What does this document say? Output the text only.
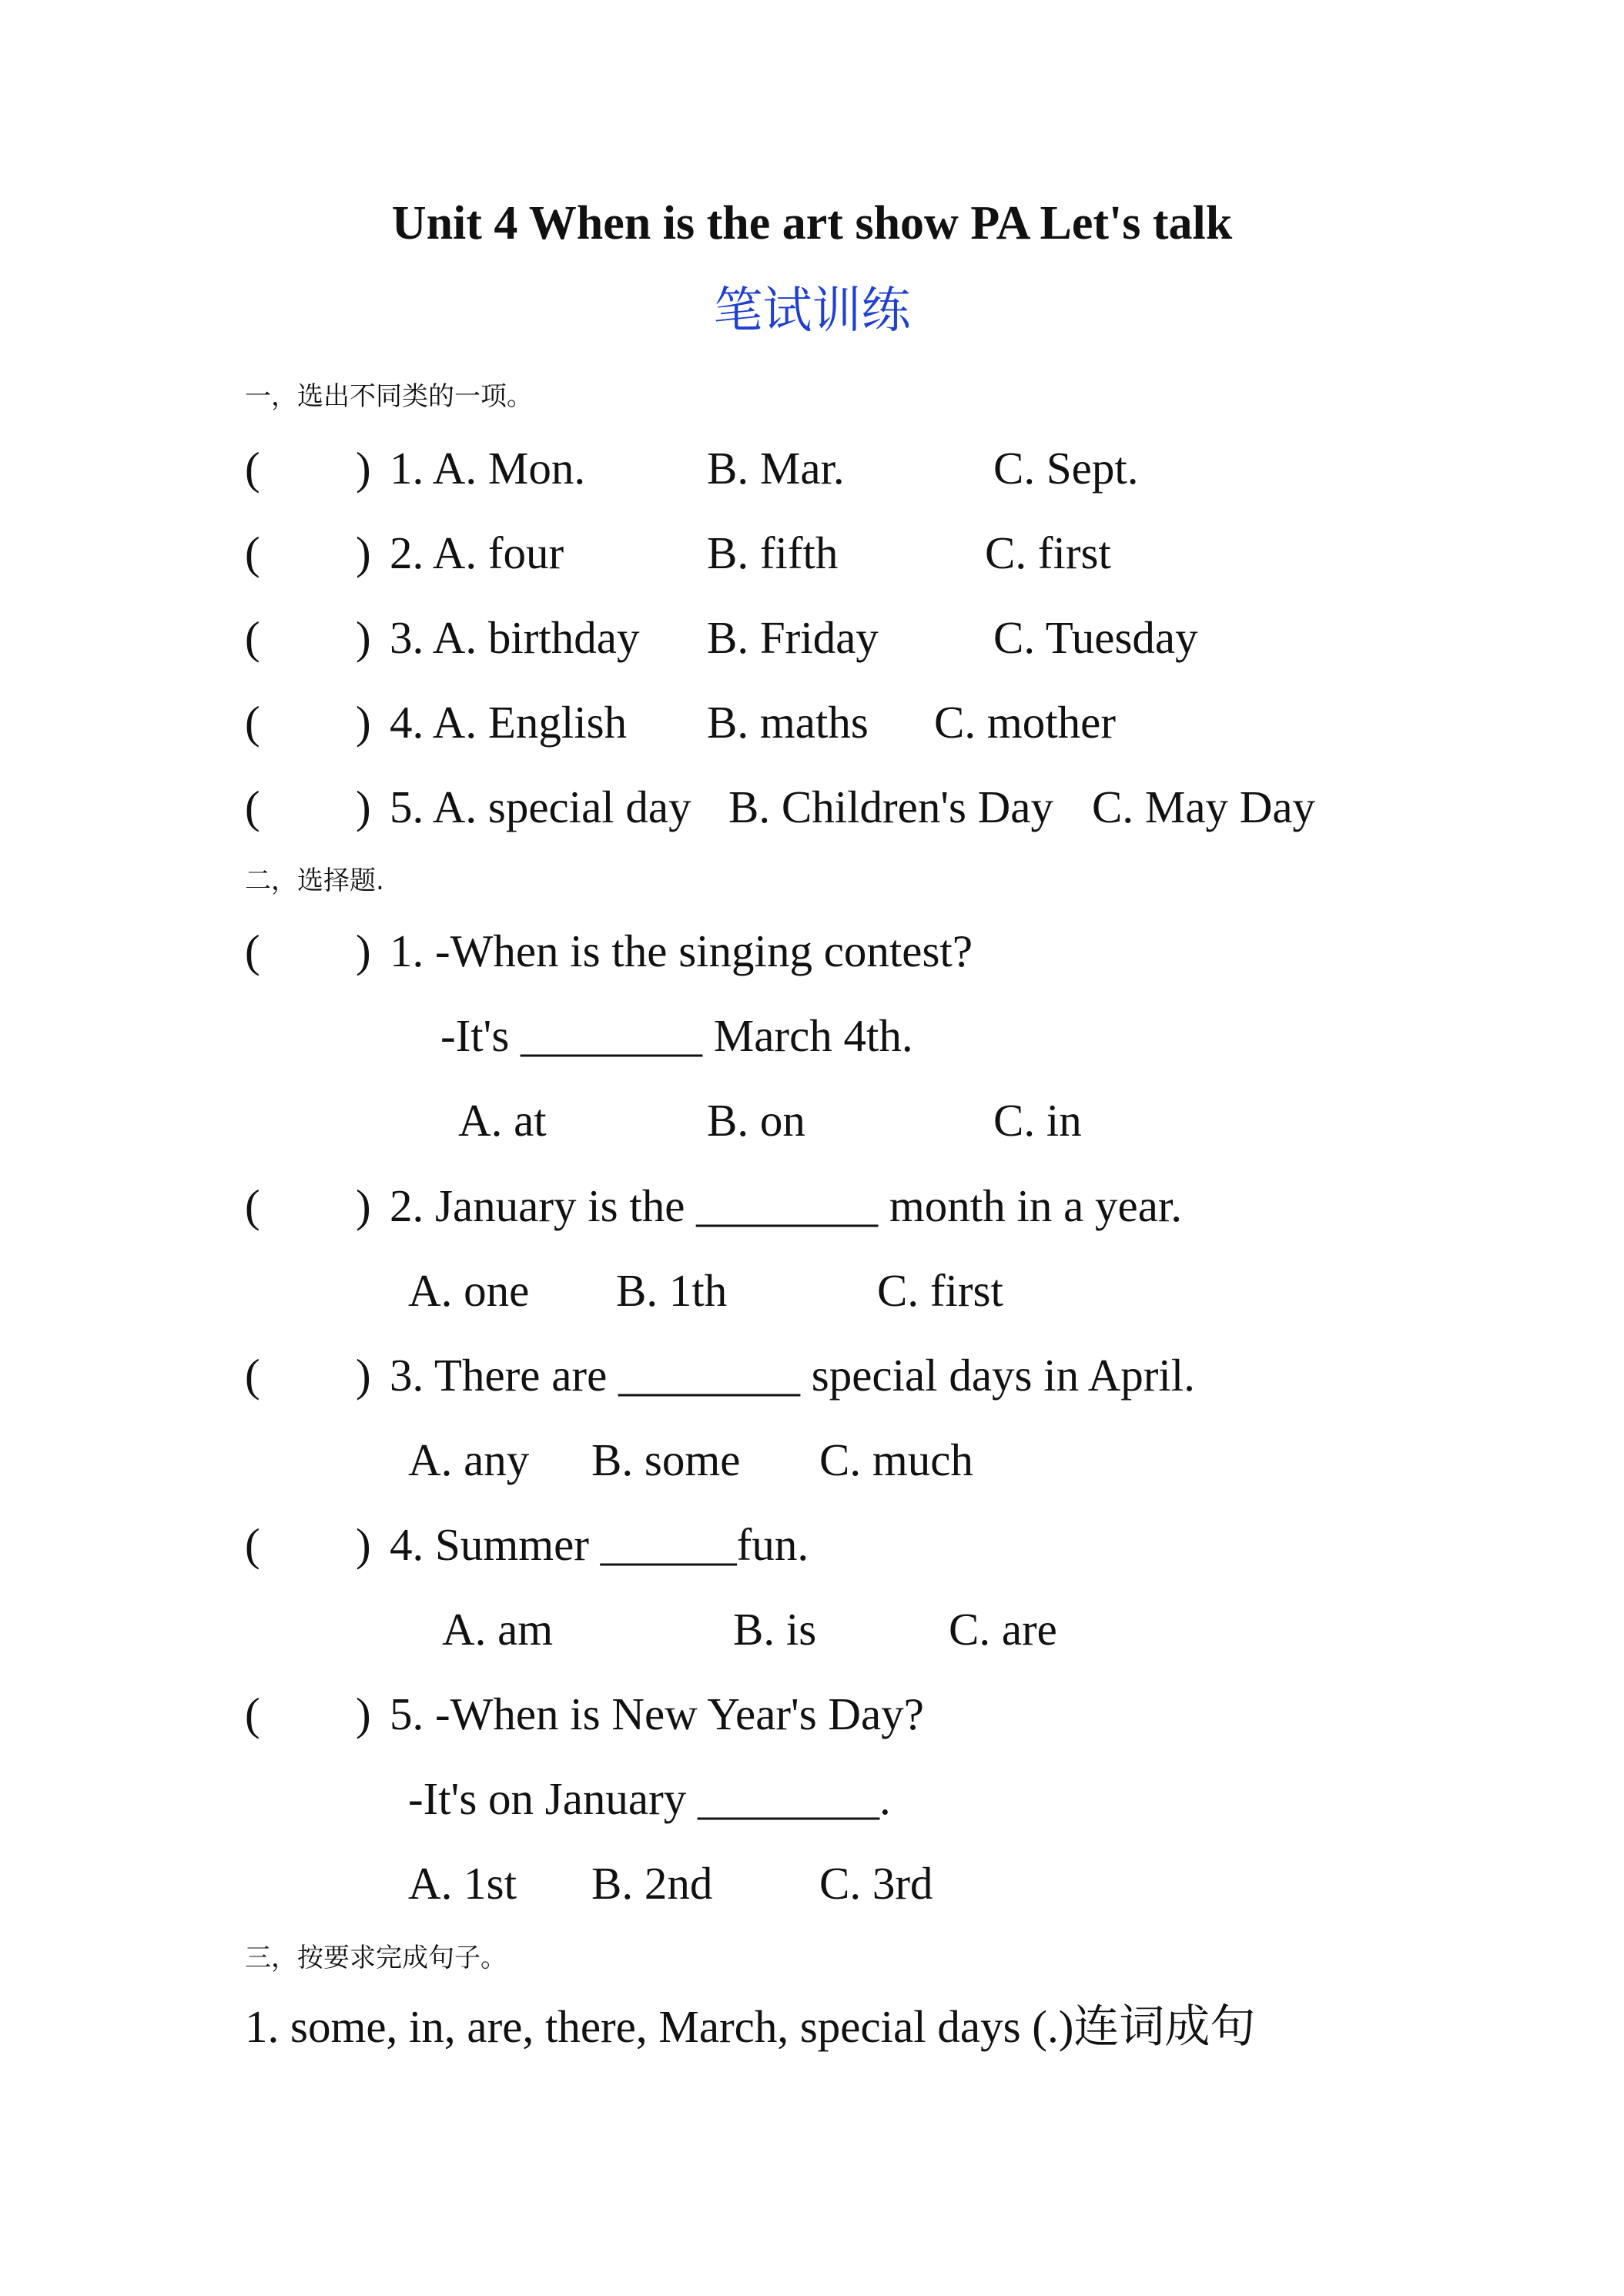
Unit 4 When is the art show PA Let's talk
笔试训练
一，选出不同类的一项。
( ) 1. A. Mon.	B. Mar.	C. Sept.
( ) 2. A. four	B. fifth	C. first
( ) 3. A. birthday B. Friday	C. Tuesday
( ) 4. A. English B. maths C. mother
( ) 5. A. special day B. Children's Day C. May Day
二，选择题.
( ) 1. -When is the singing contest?
-It's ________ March 4th.
A. at	B. on	C. in
( ) 2. January is the ________ month in a year.
A. one B. 1th	C. first
( ) 3. There are ________ special days in April.
A. any B. some C. much
( ) 4. Summer ______fun.
A. am	B. is	C. are
( ) 5. -When is New Year's Day?
-It's on January ________.
A. 1st B. 2nd C. 3rd
三，按要求完成句子。
1. some, in, are, there, March, special days (.)连词成句
